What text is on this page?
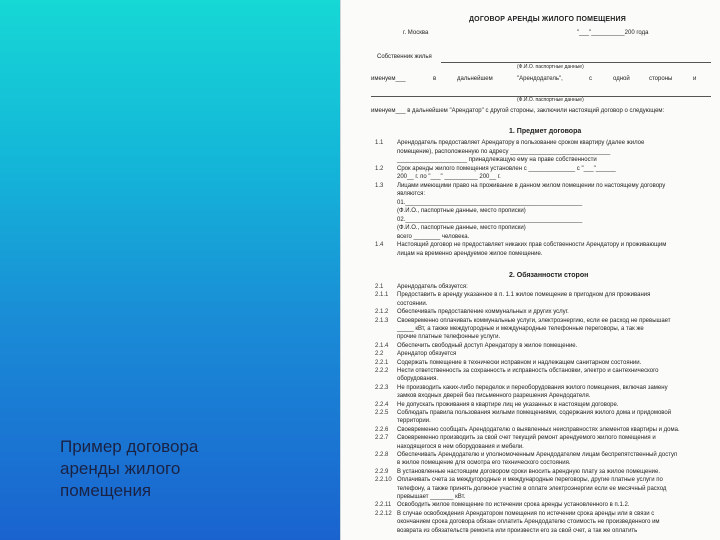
Пример договора
аренды жилого
помещения
ДОГОВОР АРЕНДЫ ЖИЛОГО ПОМЕЩЕНИЯ
г. Москва	"___"__________200 года
Собственник жилья
(Ф.И.О. паспортные данные)
именуем___	в	дальнейшем	"Арендодатель",	с	одной	стороны	и
(Ф.И.О. паспортные данные)
именуем___ в дальнейшем "Арендатор" с другой стороны, заключили настоящий договор о следующем:
1. Предмет договора
1.1 Арендодатель предоставляет Арендатору в пользование сроком квартиру (далее жилое
помещение), расположенную по адресу ______________________________
_____________________ принадлежащую ему на праве собственности
1.2 Срок аренды жилого помещения установлен с ______________ с "___"______
200__ г. по "___" __________ 200__ г.
1.3 Лицами имеющими право на проживание в данном жилом помещении по настоящему договору
являются:
01._____________________________________________________
(Ф.И.О., паспортные данные, место прописки)
02._____________________________________________________
(Ф.И.О., паспортные данные, место прописки)
всего ________ человека.
1.4 Настоящий договор не предоставляет никаких прав собственности Арендатору и проживающим
лицам на временно арендуемое жилое помещение.
2. Обязанности сторон
2.1 Арендодатель обязуется:
2.1.1 Предоставить в аренду указанное в п. 1.1 жилое помещение в пригодном для проживания
состоянии.
2.1.2 Обеспечивать предоставление коммунальных и других услуг.
2.1.3 Своевременно оплачивать коммунальные услуги, электроэнергию, если ее расход не превышает
_____ кВт, а также междугородные и международные телефонные переговоры, а так же
прочие платные телефонные услуги.
2.1.4 Обеспечить свободный доступ Арендатору в жилое помещение.
2.2 Арендатор обязуется
2.2.1 Содержать помещение в технически исправном и надлежащем санитарном состоянии.
2.2.2 Нести ответственность за сохранность и исправность обстановки, электро и сантехнического
оборудования.
2.2.3 Не производить каких-либо переделок и переоборудования жилого помещения, включая замену
замков входных дверей без письменного разрешения Арендодателя.
2.2.4 Не допускать проживания в квартире лиц не указанных в настоящем договоре.
2.2.5 Соблюдать правила пользования жилыми помещениями, содержания жилого дома и придомовой
территории.
2.2.6 Своевременно сообщать Арендодателю о выявленных неисправностях элементов квартиры и дома.
2.2.7 Своевременно производить за свой счет текущий ремонт арендуемого жилого помещения и
находящегося в нем оборудования и мебели.
2.2.8 Обеспечивать Арендодателю и уполномоченным Арендодателем лицам беспрепятственный доступ
в жилое помещение для осмотра его технического состояния.
2.2.9 В установленные настоящим договором сроки вносить арендную плату за жилое помещение.
2.2.10 Оплачивать счета за междугородные и международные переговоры, другие платные услуги по
телефону, а также принять должное участие в оплате электроэнергии если ее месячный расход
превышает _______ кВт.
2.2.11 Освободить жилое помещение по истечении срока аренды установленного в п.1.2.
2.2.12 В случае освобождения Арендатором помещения по истечении срока аренды или в связи с
окончанием срока договора обязан оплатить Арендодателю стоимость не произведенного им
возврата из обязательств ремонта или произвести его за свой счет, а так же оплатить
